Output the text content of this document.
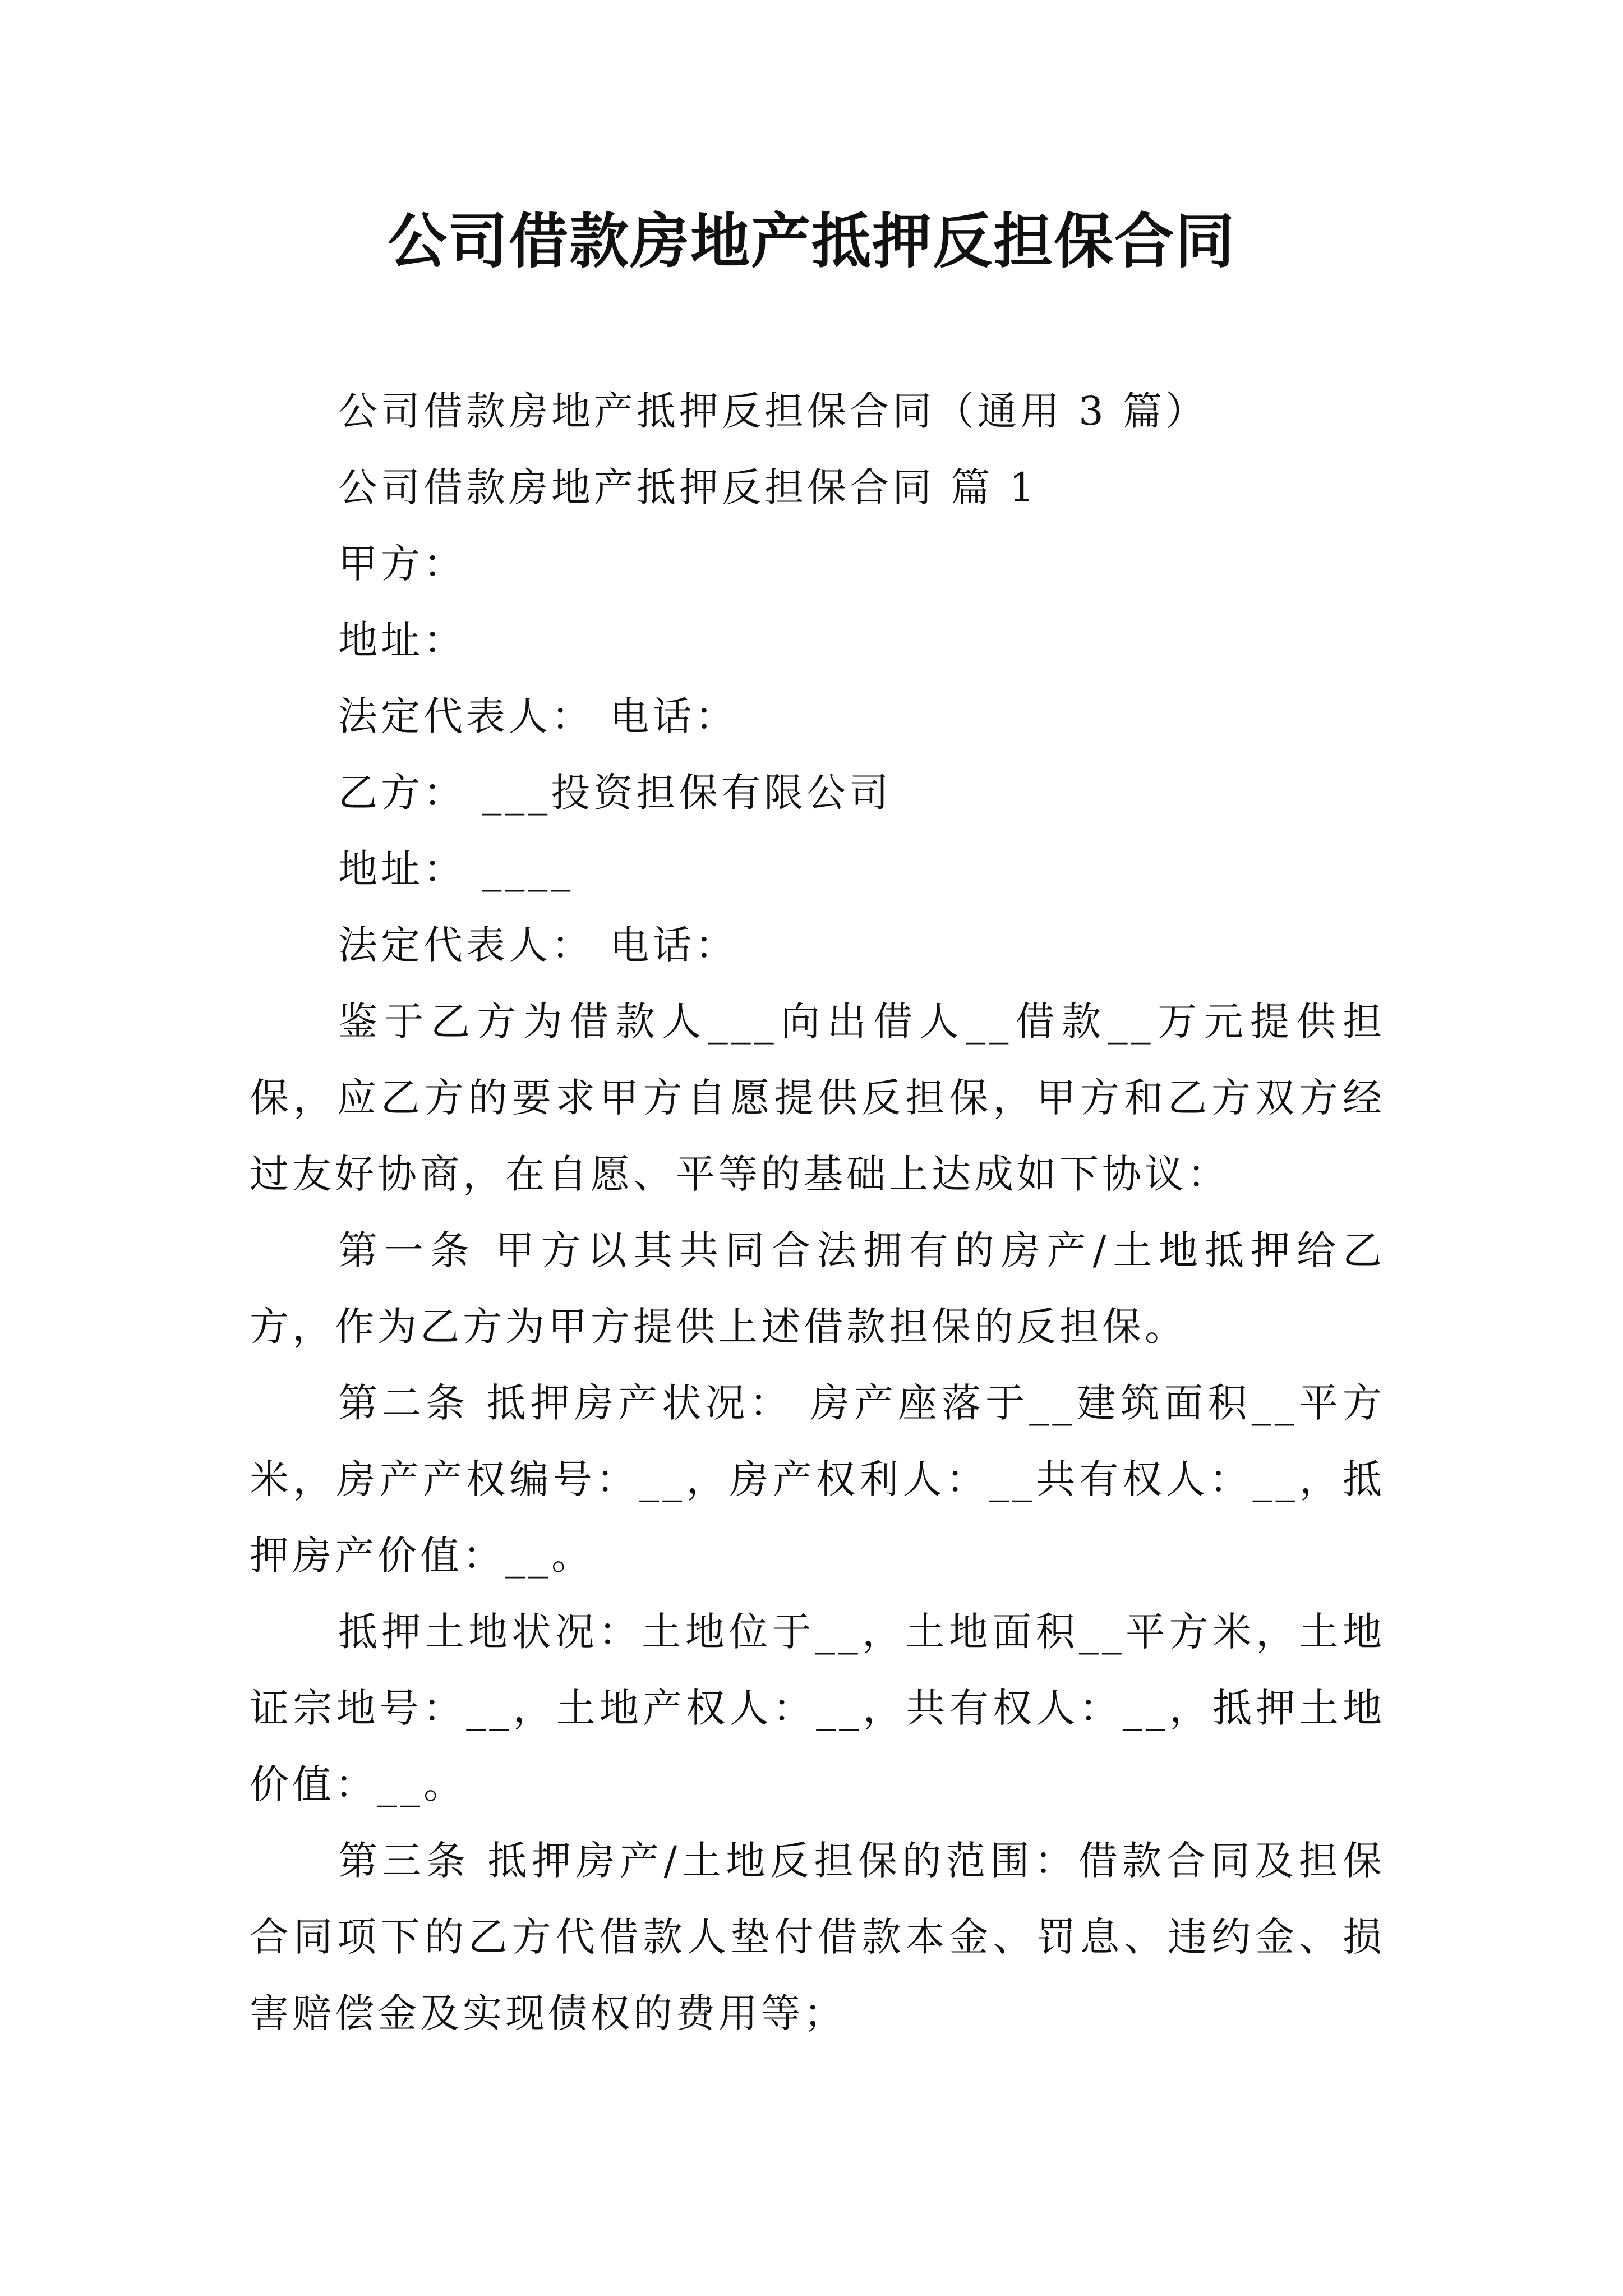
公司借款房地产抵押反担保合同

公司借款房地产抵押反担保合同（通用 3 篇）

公司借款房地产抵押反担保合同 篇 1

甲方：

地址：

法定代表人： 电话：

乙方： ___投资担保有限公司

地址： ____

法定代表人： 电话：

鉴于乙方为借款人___向出借人__借款__万元提供担保，应乙方的要求甲方自愿提供反担保，甲方和乙方双方经过友好协商，在自愿、平等的基础上达成如下协议：

第一条 甲方以其共同合法拥有的房产/土地抵押给乙方，作为乙方为甲方提供上述借款担保的反担保。

第二条 抵押房产状况： 房产座落于__建筑面积__平方米，房产产权编号：__，房产权利人：__共有权人：__，抵押房产价值：__。

抵押土地状况：土地位于__，土地面积__平方米，土地证宗地号：__，土地产权人：__，共有权人：__，抵押土地价值：__。

第三条 抵押房产/土地反担保的范围：借款合同及担保合同项下的乙方代借款人垫付借款本金、罚息、违约金、损害赔偿金及实现债权的费用等；
